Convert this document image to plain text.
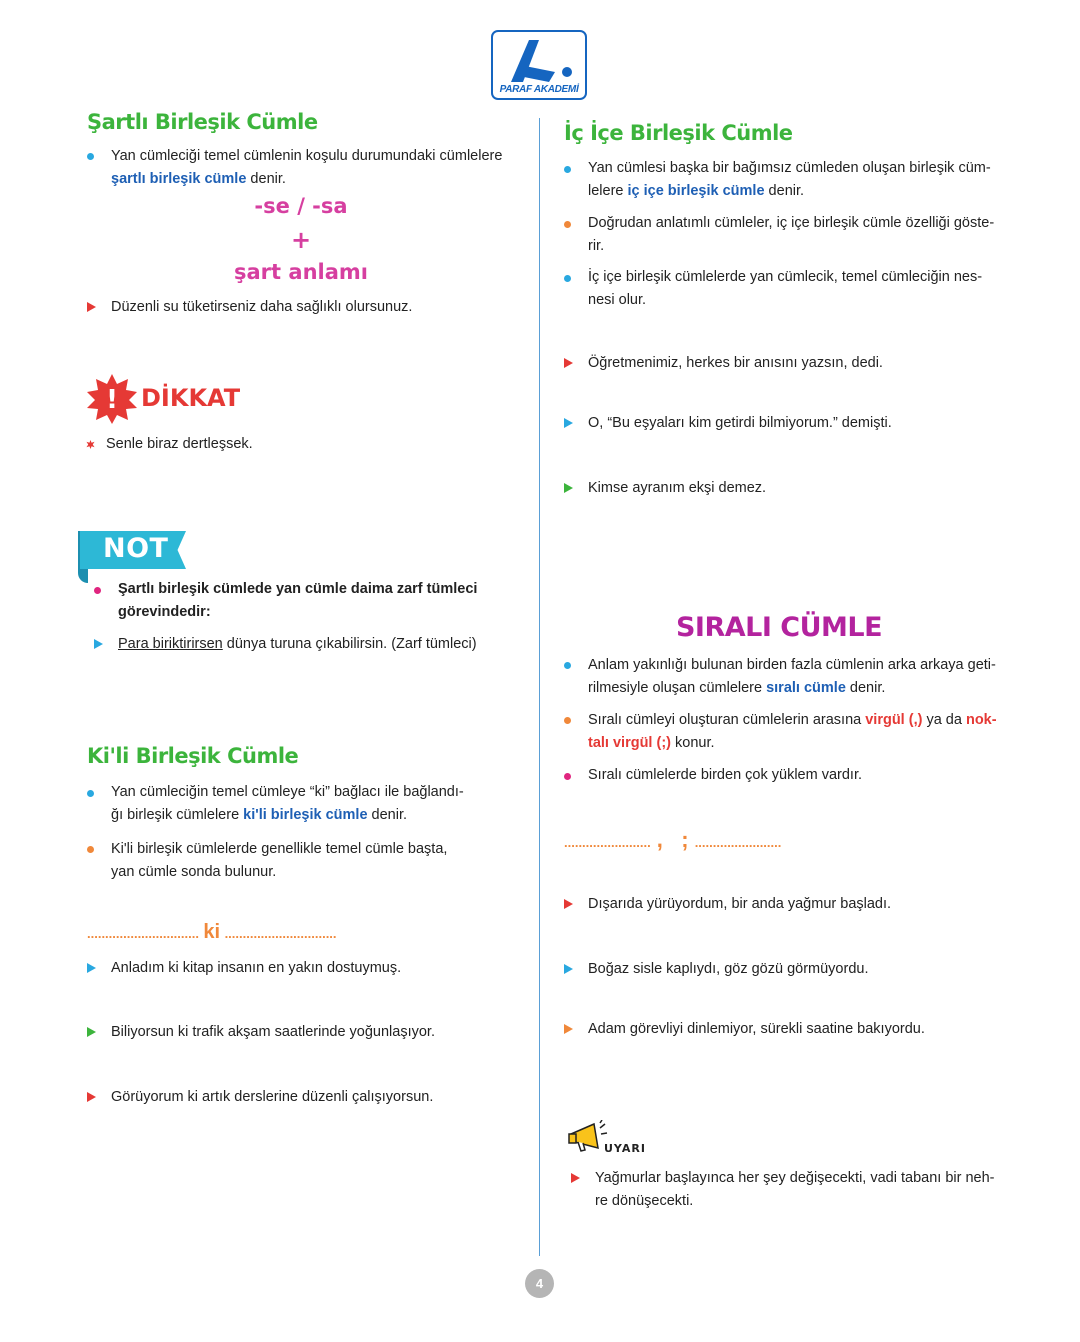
PARAF AKADEMİ
Şartlı Birleşik Cümle
Yan cümleciği temel cümlenin koşulu durumundaki cümlelere
şartlı birleşik cümle denir.
-se / -sa
+
şart anlamı
Düzenli su tüketirseniz daha sağlıklı olursunuz.
! DİKKAT
Senle biraz dertleşsek.
NOT
Şartlı birleşik cümlede yan cümle daima zarf tümleci
görevindedir:
Para biriktirirsen dünya turuna çıkabilirsin. (Zarf tümleci)
Ki'li Birleşik Cümle
Yan cümleciğin temel cümleye “ki” bağlacı ile bağlandı-
ğı birleşik cümlelere ki'li birleşik cümle denir.
Ki'li birleşik cümlelerde genellikle temel cümle başta,
yan cümle sonda bulunur.
............................... ki ...............................
Anladım ki kitap insanın en yakın dostuymuş.
Biliyorsun ki trafik akşam saatlerinde yoğunlaşıyor.
Görüyorum ki artık derslerine düzenli çalışıyorsun.
İç İçe Birleşik Cümle
Yan cümlesi başka bir bağımsız cümleden oluşan birleşik cüm-
lelere iç içe birleşik cümle denir.
Doğrudan anlatımlı cümleler, iç içe birleşik cümle özelliği göste-
rir.
İç içe birleşik cümlelerde yan cümlecik, temel cümleciğin nes-
nesi olur.
Öğretmenimiz, herkes bir anısını yazsın, dedi.
O, “Bu eşyaları kim getirdi bilmiyorum.” demişti.
Kimse ayranım ekşi demez.
SIRALI CÜMLE
Anlam yakınlığı bulunan birden fazla cümlenin arka arkaya geti-
rilmesiyle oluşan cümlelere sıralı cümle denir.
Sıralı cümleyi oluşturan cümlelerin arasına virgül (,) ya da nok-
talı virgül (;) konur.
Sıralı cümlelerde birden çok yüklem vardır.
........................ ,   ; ........................
Dışarıda yürüyordum, bir anda yağmur başladı.
Boğaz sisle kaplıydı, göz gözü görmüyordu.
Adam görevliyi dinlemiyor, sürekli saatine bakıyordu.
UYARI
Yağmurlar başlayınca her şey değişecekti, vadi tabanı bir neh-
re dönüşecekti.
4
